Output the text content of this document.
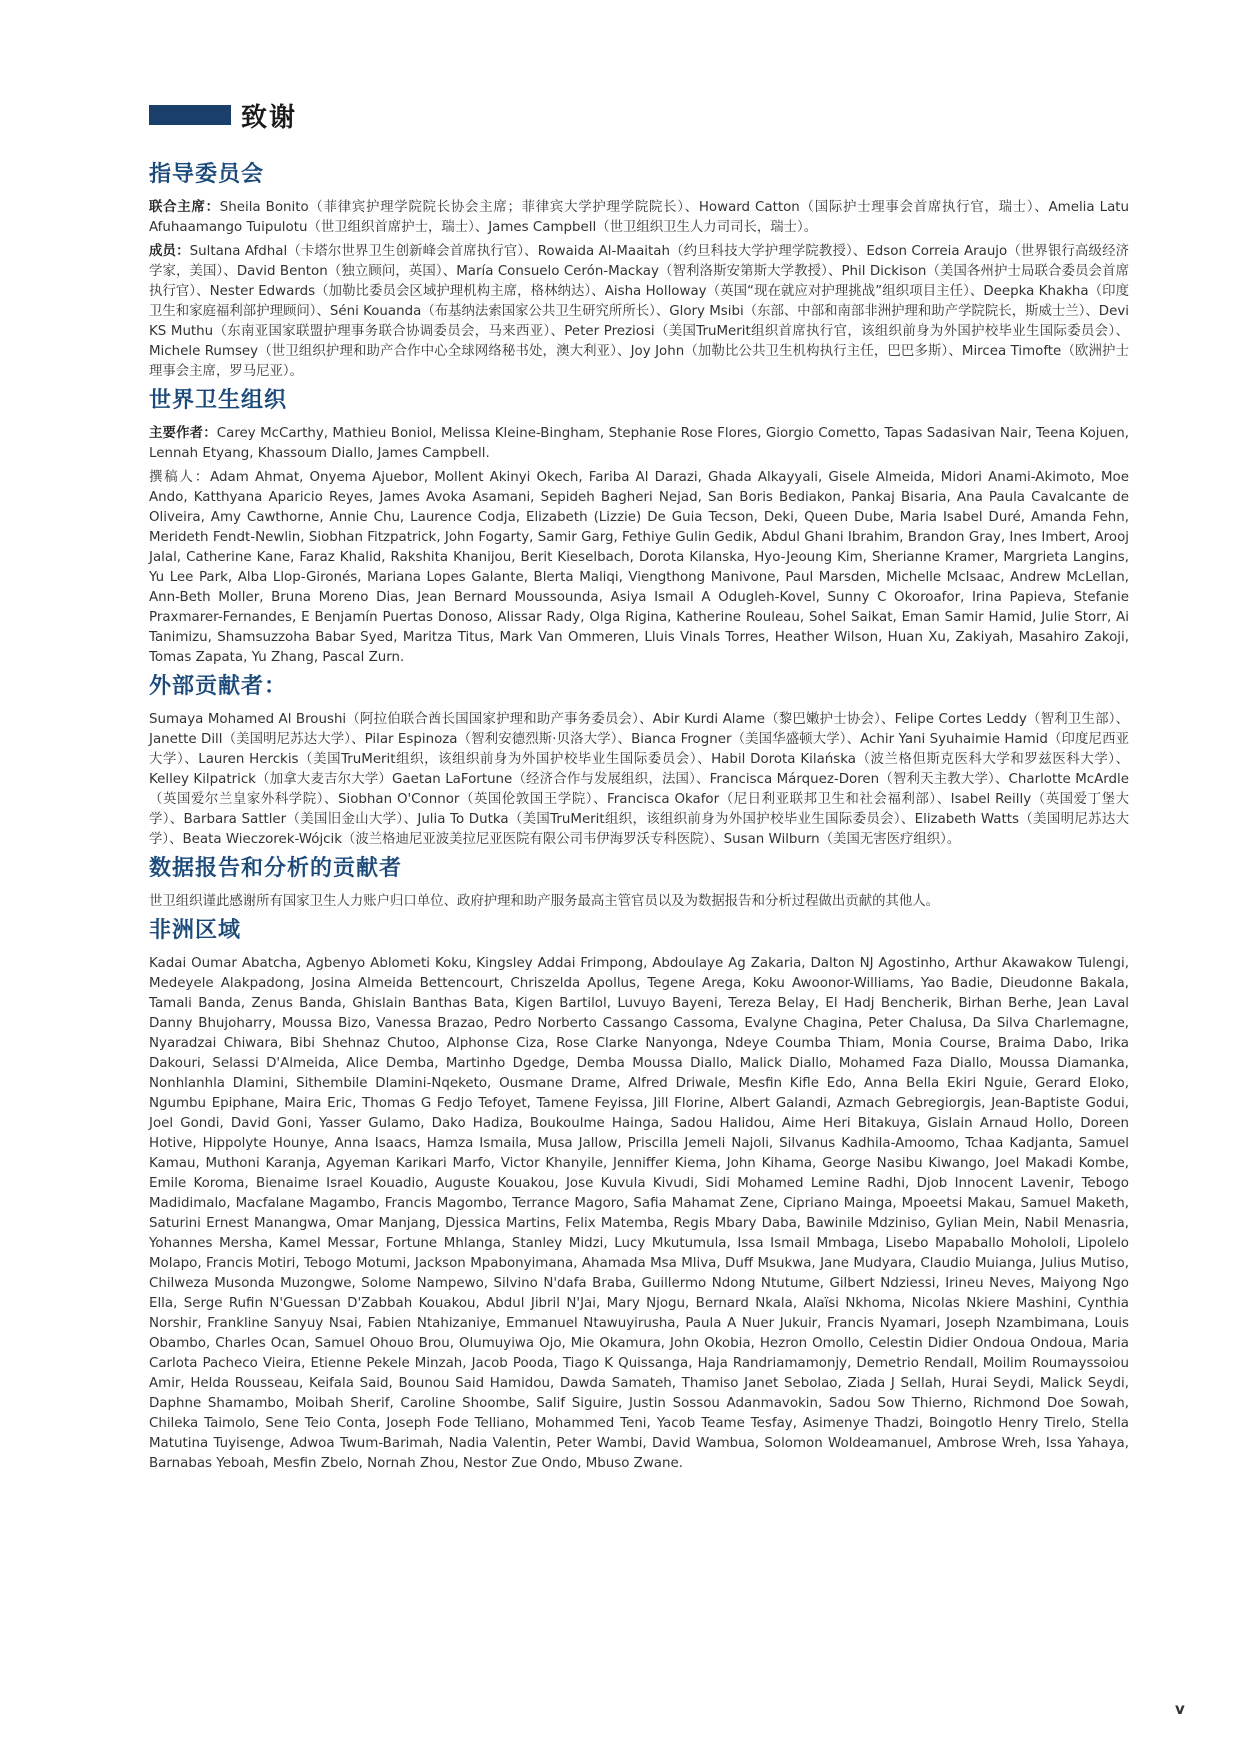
致谢
指导委员会

联合主席：Sheila Bonito（菲律宾护理学院院长协会主席；菲律宾大学护理学院院长）、Howard Catton（国际护士理事会首席执行官，瑞士）、Amelia Latu Afuhaamango Tuipulotu（世卫组织首席护士，瑞士）、James Campbell（世卫组织卫生人力司司长，瑞士）。

成员：Sultana Afdhal（卡塔尔世界卫生创新峰会首席执行官）、Rowaida Al-Maaitah（约旦科技大学护理学院教授）、Edson Correia Araujo（世界银行高级经济学家，美国）、David Benton（独立顾问，英国）、María Consuelo Cerón-Mackay（智利洛斯安第斯大学教授）、Phil Dickison（美国各州护士局联合委员会首席执行官）、Nester Edwards（加勒比委员会区域护理机构主席，格林纳达）、Aisha Holloway（英国“现在就应对护理挑战”组织项目主任）、Deepka Khakha（印度卫生和家庭福利部护理顾问）、Séni Kouanda（布基纳法索国家公共卫生研究所所长）、Glory Msibi（东部、中部和南部非洲护理和助产学院院长，斯威士兰）、Devi KS Muthu（东南亚国家联盟护理事务联合协调委员会，马来西亚）、Peter Preziosi（美国TruMerit组织首席执行官，该组织前身为外国护校毕业生国际委员会）、Michele Rumsey（世卫组织护理和助产合作中心全球网络秘书处，澳大利亚）、Joy John（加勒比公共卫生机构执行主任，巴巴多斯）、Mircea Timofte（欧洲护士理事会主席，罗马尼亚）。

世界卫生组织

主要作者：Carey McCarthy, Mathieu Boniol, Melissa Kleine-Bingham, Stephanie Rose Flores, Giorgio Cometto, Tapas Sadasivan Nair, Teena Kojuen, Lennah Etyang, Khassoum Diallo, James Campbell.

撰稿人：Adam Ahmat, Onyema Ajuebor, Mollent Akinyi Okech, Fariba Al Darazi, Ghada Alkayyali, Gisele Almeida, Midori Anami-Akimoto, Moe Ando, Katthyana Aparicio Reyes, James Avoka Asamani, Sepideh Bagheri Nejad, San Boris Bediakon, Pankaj Bisaria, Ana Paula Cavalcante de Oliveira, Amy Cawthorne, Annie Chu, Laurence Codja, Elizabeth (Lizzie) De Guia Tecson, Deki, Queen Dube, Maria Isabel Duré, Amanda Fehn, Merideth Fendt-Newlin, Siobhan Fitzpatrick, John Fogarty, Samir Garg, Fethiye Gulin Gedik, Abdul Ghani Ibrahim, Brandon Gray, Ines Imbert, Arooj Jalal, Catherine Kane, Faraz Khalid, Rakshita Khanijou, Berit Kieselbach, Dorota Kilanska, Hyo-Jeoung Kim, Sherianne Kramer, Margrieta Langins, Yu Lee Park, Alba Llop-Gironés, Mariana Lopes Galante, Blerta Maliqi, Viengthong Manivone, Paul Marsden, Michelle McIsaac, Andrew McLellan, Ann-Beth Moller, Bruna Moreno Dias, Jean Bernard Moussounda, Asiya Ismail A Odugleh-Kovel, Sunny C Okoroafor, Irina Papieva, Stefanie Praxmarer-Fernandes, E Benjamín Puertas Donoso, Alissar Rady, Olga Rigina, Katherine Rouleau, Sohel Saikat, Eman Samir Hamid, Julie Storr, Ai Tanimizu, Shamsuzzoha Babar Syed, Maritza Titus, Mark Van Ommeren, Lluis Vinals Torres, Heather Wilson, Huan Xu, Zakiyah, Masahiro Zakoji, Tomas Zapata, Yu Zhang, Pascal Zurn.

外部贡献者：

Sumaya Mohamed Al Broushi（阿拉伯联合酋长国国家护理和助产事务委员会）、Abir Kurdi Alame（黎巴嫩护士协会）、Felipe Cortes Leddy（智利卫生部）、Janette Dill（美国明尼苏达大学）、Pilar Espinoza（智利安德烈斯·贝洛大学）、Bianca Frogner（美国华盛顿大学）、Achir Yani Syuhaimie Hamid（印度尼西亚大学）、Lauren Herckis（美国TruMerit组织，该组织前身为外国护校毕业生国际委员会）、Habil Dorota Kilańska（波兰格但斯克医科大学和罗兹医科大学）、Kelley Kilpatrick（加拿大麦吉尔大学）Gaetan LaFortune（经济合作与发展组织，法国）、Francisca Márquez-Doren（智利天主教大学）、Charlotte McArdle（英国爱尔兰皇家外科学院）、Siobhan O'Connor（英国伦敦国王学院）、Francisca Okafor（尼日利亚联邦卫生和社会福利部）、Isabel Reilly（英国爱丁堡大学）、Barbara Sattler（美国旧金山大学）、Julia To Dutka（美国TruMerit组织，该组织前身为外国护校毕业生国际委员会）、Elizabeth Watts（美国明尼苏达大学）、Beata Wieczorek-Wójcik（波兰格迪尼亚波美拉尼亚医院有限公司韦伊海罗沃专科医院）、Susan Wilburn（美国无害医疗组织）。

数据报告和分析的贡献者

世卫组织谨此感谢所有国家卫生人力账户归口单位、政府护理和助产服务最高主管官员以及为数据报告和分析过程做出贡献的其他人。

非洲区域

Kadai Oumar Abatcha, Agbenyo Ablometi Koku, Kingsley Addai Frimpong, Abdoulaye Ag Zakaria, Dalton NJ Agostinho, Arthur Akawakow Tulengi, Medeyele Alakpadong, Josina Almeida Bettencourt, Chriszelda Apollus, Tegene Arega, Koku Awoonor-Williams, Yao Badie, Dieudonne Bakala, Tamali Banda, Zenus Banda, Ghislain Banthas Bata, Kigen Bartilol, Luvuyo Bayeni, Tereza Belay, El Hadj Bencherik, Birhan Berhe, Jean Laval Danny Bhujoharry, Moussa Bizo, Vanessa Brazao, Pedro Norberto Cassango Cassoma, Evalyne Chagina, Peter Chalusa, Da Silva Charlemagne, Nyaradzai Chiwara, Bibi Shehnaz Chutoo, Alphonse Ciza, Rose Clarke Nanyonga, Ndeye Coumba Thiam, Monia Course, Braima Dabo, Irika Dakouri, Selassi D'Almeida, Alice Demba, Martinho Dgedge, Demba Moussa Diallo, Malick Diallo, Mohamed Faza Diallo, Moussa Diamanka, Nonhlanhla Dlamini, Sithembile Dlamini-Nqeketo, Ousmane Drame, Alfred Driwale, Mesfin Kifle Edo, Anna Bella Ekiri Nguie, Gerard Eloko, Ngumbu Epiphane, Maira Eric, Thomas G Fedjo Tefoyet, Tamene Feyissa, Jill Florine, Albert Galandi, Azmach Gebregiorgis, Jean-Baptiste Godui, Joel Gondi, David Goni, Yasser Gulamo, Dako Hadiza, Boukoulme Hainga, Sadou Halidou, Aime Heri Bitakuya, Gislain Arnaud Hollo, Doreen Hotive, Hippolyte Hounye, Anna Isaacs, Hamza Ismaila, Musa Jallow, Priscilla Jemeli Najoli, Silvanus Kadhila-Amoomo, Tchaa Kadjanta, Samuel Kamau, Muthoni Karanja, Agyeman Karikari Marfo, Victor Khanyile, Jenniffer Kiema, John Kihama, George Nasibu Kiwango, Joel Makadi Kombe, Emile Koroma, Bienaime Israel Kouadio, Auguste Kouakou, Jose Kuvula Kivudi, Sidi Mohamed Lemine Radhi, Djob Innocent Lavenir, Tebogo Madidimalo, Macfalane Magambo, Francis Magombo, Terrance Magoro, Safia Mahamat Zene, Cipriano Mainga, Mpoeetsi Makau, Samuel Maketh, Saturini Ernest Manangwa, Omar Manjang, Djessica Martins, Felix Matemba, Regis Mbary Daba, Bawinile Mdziniso, Gylian Mein, Nabil Menasria, Yohannes Mersha, Kamel Messar, Fortune Mhlanga, Stanley Midzi, Lucy Mkutumula, Issa Ismail Mmbaga, Lisebo Mapaballo Mohololi, Lipolelo Molapo, Francis Motiri, Tebogo Motumi, Jackson Mpabonyimana, Ahamada Msa Mliva, Duff Msukwa, Jane Mudyara, Claudio Muianga, Julius Mutiso, Chilweza Musonda Muzongwe, Solome Nampewo, Silvino N'dafa Braba, Guillermo Ndong Ntutume, Gilbert Ndziessi, Irineu Neves, Maiyong Ngo Ella, Serge Rufin N'Guessan D'Zabbah Kouakou, Abdul Jibril N'Jai, Mary Njogu, Bernard Nkala, Alaïsi Nkhoma, Nicolas Nkiere Mashini, Cynthia Norshir, Frankline Sanyuy Nsai, Fabien Ntahizaniye, Emmanuel Ntawuyirusha, Paula A Nuer Jukuir, Francis Nyamari, Joseph Nzambimana, Louis Obambo, Charles Ocan, Samuel Ohouo Brou, Olumuyiwa Ojo, Mie Okamura, John Okobia, Hezron Omollo, Celestin Didier Ondoua Ondoua, Maria Carlota Pacheco Vieira, Etienne Pekele Minzah, Jacob Pooda, Tiago K Quissanga, Haja Randriamamonjy, Demetrio Rendall, Moilim Roumayssoiou Amir, Helda Rousseau, Keifala Said, Bounou Said Hamidou, Dawda Samateh, Thamiso Janet Sebolao, Ziada J Sellah, Hurai Seydi, Malick Seydi, Daphne Shamambo, Moibah Sherif, Caroline Shoombe, Salif Siguire, Justin Sossou Adanmavokin, Sadou Sow Thierno, Richmond Doe Sowah, Chileka Taimolo, Sene Teio Conta, Joseph Fode Telliano, Mohammed Teni, Yacob Teame Tesfay, Asimenye Thadzi, Boingotlo Henry Tirelo, Stella Matutina Tuyisenge, Adwoa Twum-Barimah, Nadia Valentin, Peter Wambi, David Wambua, Solomon Woldeamanuel, Ambrose Wreh, Issa Yahaya, Barnabas Yeboah, Mesfin Zbelo, Nornah Zhou, Nestor Zue Ondo, Mbuso Zwane.

v
